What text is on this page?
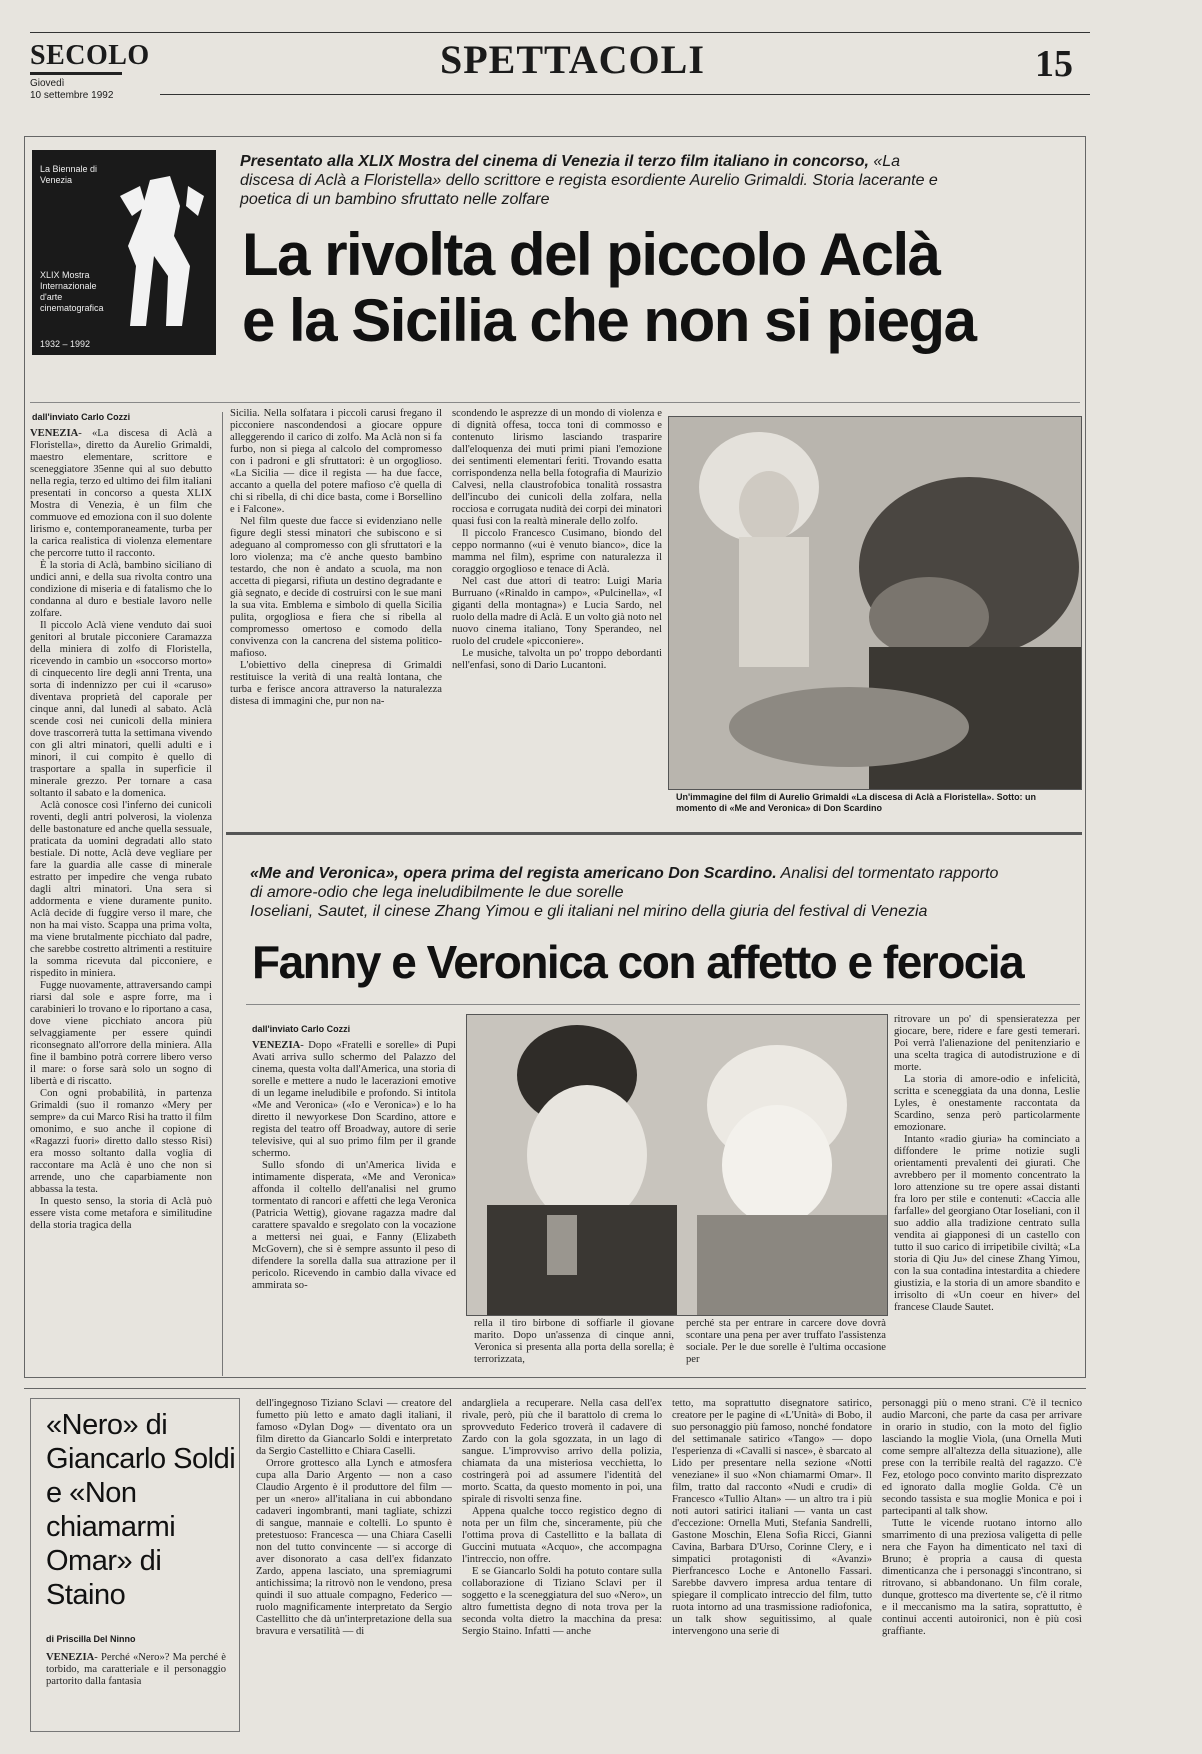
SECOLO
Giovedì
10 settembre 1992
SPETTACOLI	15
La Biennale di Venezia
XLIX Mostra Internazionale d'arte cinematografica
1932 – 1992
Presentato alla XLIX Mostra del cinema di Venezia il terzo film italiano in concorso, «La discesa di Aclà a Floristella» dello scrittore e regista esordiente Aurelio Grimaldi. Storia lacerante e poetica di un bambino sfruttato nelle zolfare
La rivolta del piccolo Aclà
e la Sicilia che non si piega
dall'inviato Carlo Cozzi

VENEZIA- «La discesa di Aclà a Floristella», diretto da Aurelio Grimaldi, maestro elementare, scrittore e sceneggiatore 35enne qui al suo debutto nella regia, terzo ed ultimo dei film italiani presentati in concorso a questa XLIX Mostra di Venezia, è un film che commuove ed emoziona con il suo dolente lirismo e, contemporaneamente, turba per la carica realistica di violenza elementare che percorre tutto il racconto.

È la storia di Aclà, bambino siciliano di undici anni, e della sua rivolta contro una condizione di miseria e di fatalismo che lo condanna al duro e bestiale lavoro nelle zolfare.

Il piccolo Aclà viene venduto dai suoi genitori al brutale picconiere Caramazza della miniera di zolfo di Floristella, ricevendo in cambio un «soccorso morto» di cinquecento lire degli anni Trenta, una sorta di indennizzo per cui il «caruso» diventava proprietà del caporale per cinque anni, dal lunedì al sabato. Aclà scende così nei cunicoli della miniera dove trascorrerà tutta la settimana vivendo con gli altri minatori, quelli adulti e i minori, il cui compito è quello di trasportare a spalla in superficie il minerale grezzo. Per tornare a casa soltanto il sabato e la domenica.

Aclà conosce così l'inferno dei cunicoli roventi, degli antri polverosi, la violenza delle bastonature ed anche quella sessuale, praticata da uomini degradati allo stato bestiale. Di notte, Aclà deve vegliare per fare la guardia alle casse di minerale estratto per impedire che venga rubato dagli altri minatori. Una sera si addormenta e viene duramente punito. Aclà decide di fuggire verso il mare, che non ha mai visto. Scappa una prima volta, ma viene brutalmente picchiato dal padre, che sarebbe costretto altrimenti a restituire la somma ricevuta dal picconiere, e rispedito in miniera.

Fugge nuovamente, attraversando campi riarsi dal sole e aspre forre, ma i carabinieri lo trovano e lo riportano a casa, dove viene picchiato ancora più selvaggiamente per essere quindi riconsegnato all'orrore della miniera. Alla fine il bambino potrà correre libero verso il mare: o forse sarà solo un sogno di libertà e di riscatto.

Con ogni probabilità, in partenza Grimaldi (suo il romanzo «Mery per sempre» da cui Marco Risi ha tratto il film omonimo, e suo anche il copione di «Ragazzi fuori» diretto dallo stesso Risi) era mosso soltanto dalla voglia di raccontare ma Aclà è uno che non si arrende, uno che caparbiamente non abbassa la testa.

In questo senso, la storia di Aclà può essere vista come metafora e similitudine della storia tragica della

Sicilia. Nella solfatara i piccoli carusi fregano il picconiere nascondendosi a giocare oppure alleggerendo il carico di zolfo. Ma Aclà non si fa furbo, non si piega al calcolo del compromesso con i padroni e gli sfruttatori: è un orgoglioso. «La Sicilia — dice il regista — ha due facce, accanto a quella del potere mafioso c'è quella di chi si ribella, di chi dice basta, come i Borsellino e i Falcone».

Nel film queste due facce si evidenziano nelle figure degli stessi minatori che subiscono e si adeguano al compromesso con gli sfruttatori e la loro violenza; ma c'è anche questo bambino testardo, che non è andato a scuola, ma non accetta di piegarsi, rifiuta un destino degradante e già segnato, e decide di costruirsi con le sue mani la sua vita. Emblema e simbolo di quella Sicilia pulita, orgogliosa e fiera che si ribella al compromesso omertoso e comodo della convivenza con la cancrena del sistema politico-mafioso.

L'obiettivo della cinepresa di Grimaldi restituisce la verità di una realtà lontana, che turba e ferisce ancora attraverso la naturalezza distesa di immagini che, pur non na-

scondendo le asprezze di un mondo di violenza e di dignità offesa, tocca toni di commosso e contenuto lirismo lasciando trasparire dall'eloquenza dei muti primi piani l'emozione dei sentimenti elementari feriti. Trovando esatta corrispondenza nella bella fotografia di Maurizio Calvesi, nella claustrofobica tonalità rossastra dell'incubo dei cunicoli della zolfara, nella rocciosa e corrugata nudità dei corpi dei minatori quasi fusi con la realtà minerale dello zolfo.

Il piccolo Francesco Cusimano, biondo del ceppo normanno («ui è venuto bianco», dice la mamma nel film), esprime con naturalezza il coraggio orgoglioso e tenace di Aclà.

Nel cast due attori di teatro: Luigi Maria Burruano («Rinaldo in campo», «Pulcinella», «I giganti della montagna») e Lucia Sardo, nel ruolo della madre di Aclà. E un volto già noto nel nuovo cinema italiano, Tony Sperandeo, nel ruolo del crudele «picconiere».

Le musiche, talvolta un po' troppo debordanti nell'enfasi, sono di Dario Lucantoni.

Un'immagine del film di Aurelio Grimaldi «La discesa di Aclà a Floristella». Sotto: un momento di «Me and Veronica» di Don Scardino
«Me and Veronica», opera prima del regista americano Don Scardino. Analisi del tormentato rapporto di amore-odio che lega ineludibilmente le due sorelle
Ioseliani, Sautet, il cinese Zhang Yimou e gli italiani nel mirino della giuria del festival di Venezia
Fanny e Veronica con affetto e ferocia
dall'inviato Carlo Cozzi

VENEZIA- Dopo «Fratelli e sorelle» di Pupi Avati arriva sullo schermo del Palazzo del cinema, questa volta dall'America, una storia di sorelle e mettere a nudo le lacerazioni emotive di un legame ineludibile e profondo. Si intitola «Me and Veronica» («Io e Veronica») e lo ha diretto il newyorkese Don Scardino, attore e regista del teatro off Broadway, autore di serie televisive, qui al suo primo film per il grande schermo.

Sullo sfondo di un'America livida e intimamente disperata, «Me and Veronica» affonda il coltello dell'analisi nel grumo tormentato di rancori e affetti che lega Veronica (Patricia Wettig), giovane ragazza madre dal carattere spavaldo e sregolato con la vocazione a mettersi nei guai, e Fanny (Elizabeth McGovern), che si è sempre assunto il peso di difendere la sorella dalla sua attrazione per il pericolo. Ricevendo in cambio dalla vivace ed ammirata so-

rella il tiro birbone di soffiarle il giovane marito. Dopo un'assenza di cinque anni, Veronica si presenta alla porta della sorella; è terrorizzata,

perché sta per entrare in carcere dove dovrà scontare una pena per aver truffato l'assistenza sociale. Per le due sorelle è l'ultima occasione per

ritrovare un po' di spensieratezza per giocare, bere, ridere e fare gesti temerari. Poi verrà l'alienazione del penitenziario e una scelta tragica di autodistruzione e di morte.

La storia di amore-odio e infelicità, scritta e sceneggiata da una donna, Leslie Lyles, è onestamente raccontata da Scardino, senza però particolarmente emozionare.

Intanto «radio giuria» ha cominciato a diffondere le prime notizie sugli orientamenti prevalenti dei giurati. Che avrebbero per il momento concentrato la loro attenzione su tre opere assai distanti fra loro per stile e contenuti: «Caccia alle farfalle» del georgiano Otar Ioseliani, con il suo addio alla tradizione centrato sulla vendita ai giapponesi di un castello con tutto il suo carico di irripetibile civiltà; «La storia di Qiu Ju» del cinese Zhang Yimou, con la sua contadina intestardita a chiedere giustizia, e la storia di un amore sbandito e irrisolto di «Un coeur en hiver» del francese Claude Sautet.

«Nero» di Giancarlo Soldi e «Non chiamarmi Omar» di Staino
di Priscilla Del Ninno

VENEZIA- Perché «Nero»? Ma perché è torbido, ma caratteriale e il personaggio partorito dalla fantasia

dell'ingegnoso Tiziano Sclavi — creatore del fumetto più letto e amato dagli italiani, il famoso «Dylan Dog» — diventato ora un film diretto da Giancarlo Soldi e interpretato da Sergio Castellitto e Chiara Caselli.

Orrore grottesco alla Lynch e atmosfera cupa alla Dario Argento — non a caso Claudio Argento è il produttore del film — per un «nero» all'italiana in cui abbondano cadaveri ingombranti, mani tagliate, schizzi di sangue, mannaie e coltelli. Lo spunto è pretestuoso: Francesca — una Chiara Caselli non del tutto convincente — si accorge di aver disonorato a casa dell'ex fidanzato Zardo, appena lasciato, una spremiagrumi antichissima; la ritrovò non le vendono, presa quindi il suo attuale compagno, Federico — ruolo magnificamente interpretato da Sergio Castellitto che dà un'interpretazione della sua bravura e versatilità — di

andargliela a recuperare. Nella casa dell'ex rivale, però, più che il barattolo di crema lo sprovveduto Federico troverà il cadavere di Zardo con la gola sgozzata, in un lago di sangue. L'improvviso arrivo della polizia, chiamata da una misteriosa vecchietta, lo costringerà poi ad assumere l'identità del morto. Scatta, da questo momento in poi, una spirale di risvolti senza fine.

Appena qualche tocco registico degno di nota per un film che, sinceramente, più che l'ottima prova di Castellitto e la ballata di Guccini mutuata «Acquo», che accompagna l'intreccio, non offre.

E se Giancarlo Soldi ha potuto contare sulla collaborazione di Tiziano Sclavi per il soggetto e la sceneggiatura del suo «Nero», un altro fumettista degno di nota trova per la seconda volta dietro la macchina da presa: Sergio Staino. Infatti — anche

tetto, ma soprattutto disegnatore satirico, creatore per le pagine di «L'Unità» di Bobo, il suo personaggio più famoso, nonché fondatore del settimanale satirico «Tango» — dopo l'esperienza di «Cavalli si nasce», è sbarcato al Lido per presentare nella sezione «Notti veneziane» il suo «Non chiamarmi Omar». Il film, tratto dal racconto «Nudi e crudi» di Francesco «Tullio Altan» — un altro tra i più noti autori satirici italiani — vanta un cast d'eccezione: Ornella Muti, Stefania Sandrelli, Gastone Moschin, Elena Sofia Ricci, Gianni Cavina, Barbara D'Urso, Corinne Clery, e i simpatici protagonisti di «Avanzi» Pierfrancesco Loche e Antonello Fassari. Sarebbe davvero impresa ardua tentare di spiegare il complicato intreccio del film, tutto ruota intorno ad una trasmissione radiofonica, un talk show seguitissimo, al quale intervengono una serie di

personaggi più o meno strani. C'è il tecnico audio Marconi, che parte da casa per arrivare in orario in studio, con la moto del figlio lasciando la moglie Viola, (una Ornella Muti come sempre all'altezza della situazione), alle prese con la terribile realtà del ragazzo. C'è Fez, etologo poco convinto marito disprezzato ed ignorato dalla moglie Golda. C'è un secondo tassista e sua moglie Monica e poi i partecipanti al talk show.

Tutte le vicende ruotano intorno allo smarrimento di una preziosa valigetta di pelle nera che Fayon ha dimenticato nel taxi di Bruno; è propria a causa di questa dimenticanza che i personaggi s'incontrano, si ritrovano, si abbandonano. Un film corale, dunque, grottesco ma divertente se, c'è il ritmo e il meccanismo ma la satira, soprattutto, è continui accenti autoironici, non è più così graffiante.
